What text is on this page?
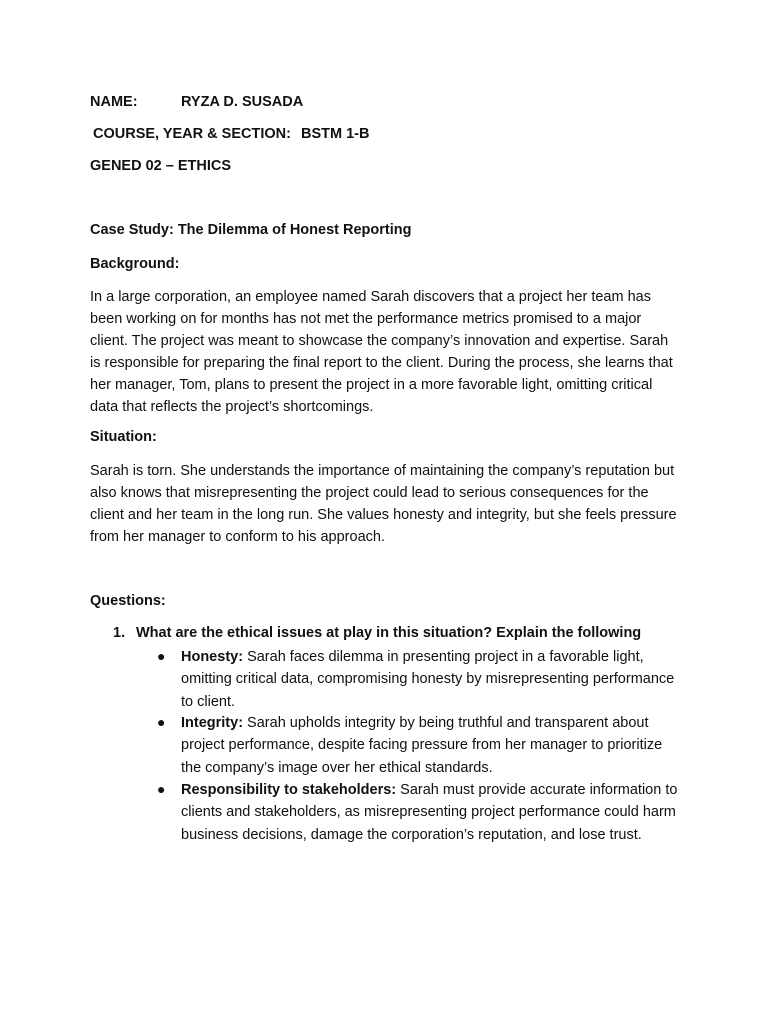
NAME:	RYZA D. SUSADA
COURSE, YEAR & SECTION: BSTM 1-B
GENED 02 – ETHICS
Case Study: The Dilemma of Honest Reporting
Background:
In a large corporation, an employee named Sarah discovers that a project her team has been working on for months has not met the performance metrics promised to a major client. The project was meant to showcase the company’s innovation and expertise. Sarah is responsible for preparing the final report to the client. During the process, she learns that her manager, Tom, plans to present the project in a more favorable light, omitting critical data that reflects the project’s shortcomings.
Situation:
Sarah is torn. She understands the importance of maintaining the company’s reputation but also knows that misrepresenting the project could lead to serious consequences for the client and her team in the long run. She values honesty and integrity, but she feels pressure from her manager to conform to his approach.
Questions:
1. What are the ethical issues at play in this situation? Explain the following
● Honesty: Sarah faces dilemma in presenting project in a favorable light, omitting critical data, compromising honesty by misrepresenting performance to client.
● Integrity: Sarah upholds integrity by being truthful and transparent about project performance, despite facing pressure from her manager to prioritize the company’s image over her ethical standards.
● Responsibility to stakeholders: Sarah must provide accurate information to clients and stakeholders, as misrepresenting project performance could harm business decisions, damage the corporation’s reputation, and lose trust.
